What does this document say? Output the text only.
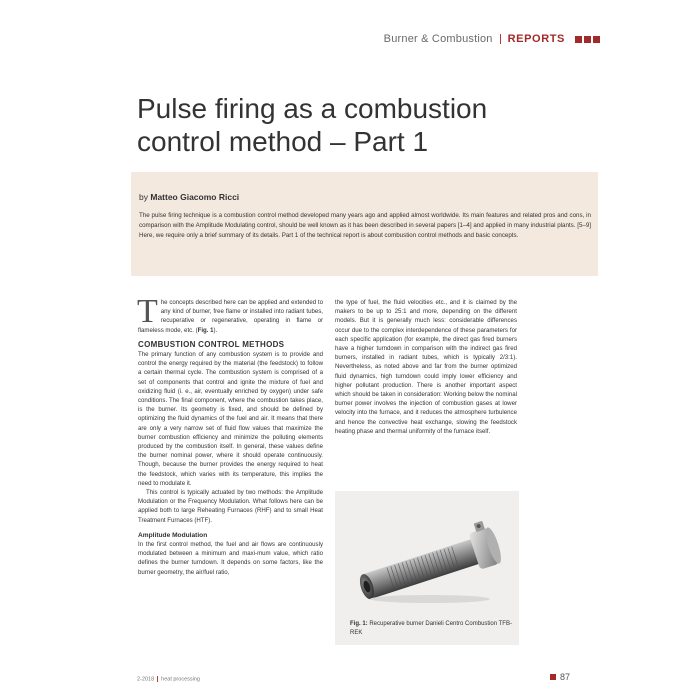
Burner & Combustion REPORTS
Pulse firing as a combustion control method – Part 1
by Matteo Giacomo Ricci

The pulse firing technique is a combustion control method developed many years ago and applied almost worldwide. Its main features and related pros and cons, in comparison with the Amplitude Modulating control, should be well known as it has been described in several papers [1–4] and applied in many industrial plants. [5–9] Here, we require only a brief summary of its details. Part 1 of the technical report is about combustion control methods and basic concepts.

The concepts described here can be applied and extended to any kind of burner, free flame or installed into radiant tubes, recuperative or regenerative, operating in flame or flameless mode, etc. (Fig. 1).

COMBUSTION CONTROL METHODS

The primary function of any combustion system is to provide and control the energy required by the material (the feedstock) to follow a certain thermal cycle. The combustion system is comprised of a set of components that control and ignite the mixture of fuel and oxidizing fluid (i. e., air, eventually enriched by oxygen) under safe conditions. The final component, where the combustion takes place, is the burner. Its geometry is fixed, and should be defined by optimizing the fluid dynamics of the fuel and air. It means that there are only a very narrow set of fluid flow values that maximize the burner combustion efficiency and minimize the polluting elements produced by the combustion itself. In general, these values define the burner nominal power, where it should operate continuously. Though, because the burner provides the energy required to heat the feedstock, which varies with its temperature, this implies the need to modulate it.

This control is typically actuated by two methods: the Amplitude Modulation or the Frequency Modulation. What follows here can be applied both to large Reheating Furnaces (RHF) and to small Heat Treatment Furnaces (HTF).

Amplitude Modulation

In the first control method, the fuel and air flows are continuously modulated between a minimum and maxi-mum value, which ratio defines the burner turndown. It depends on some factors, like the burner geometry, the air/fuel ratio,

the type of fuel, the fluid velocities etc., and it is claimed by the makers to be up to 25:1 and more, depending on the different models. But it is generally much less: considerable differences occur due to the complex interdependence of these parameters for each specific application (for example, the direct gas fired burners have a higher turndown in comparison with the indirect gas fired burners, installed in radiant tubes, which is typically 2/3:1). Nevertheless, as noted above and far from the burner optimized fluid dynamics, high turndown could imply lower efficiency and higher pollutant production. There is another important aspect which should be taken in consideration: Working below the nominal burner power involves the injection of combustion gases at lower velocity into the furnace, and it reduces the atmosphere turbulence and hence the convective heat exchange, slowing the feedstock heating phase and thermal uniformity of the furnace itself.

Fig. 1: Recuperative burner Danieli Centro Combustion TFB-REK
2-2018 heat processing	87
